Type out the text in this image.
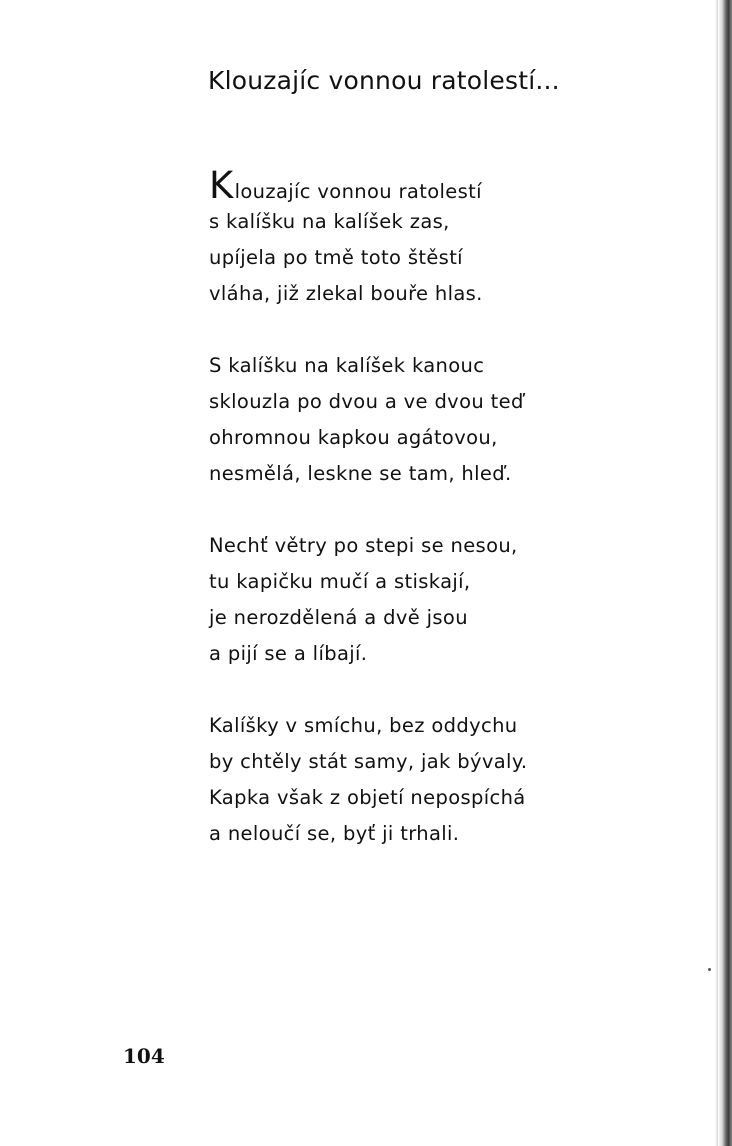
Klouzajíc vonnou ratolestí...
Klouzajíc vonnou ratolestí
s kalíšku na kalíšek zas,
upíjela po tmě toto štěstí
vláha, již zlekal bouře hlas.
S kalíšku na kalíšek kanouc
sklouzla po dvou a ve dvou teď
ohromnou kapkou agátovou,
nesmělá, leskne se tam, hleď.
Nechť větry po stepi se nesou,
tu kapičku mučí a stiskají,
je nerozdělená a dvě jsou
a pijí se a líbají.
Kalíšky v smíchu, bez oddychu
by chtěly stát samy, jak bývaly.
Kapka však z objetí nepospíchá
a neloučí se, byť ji trhali.
104
